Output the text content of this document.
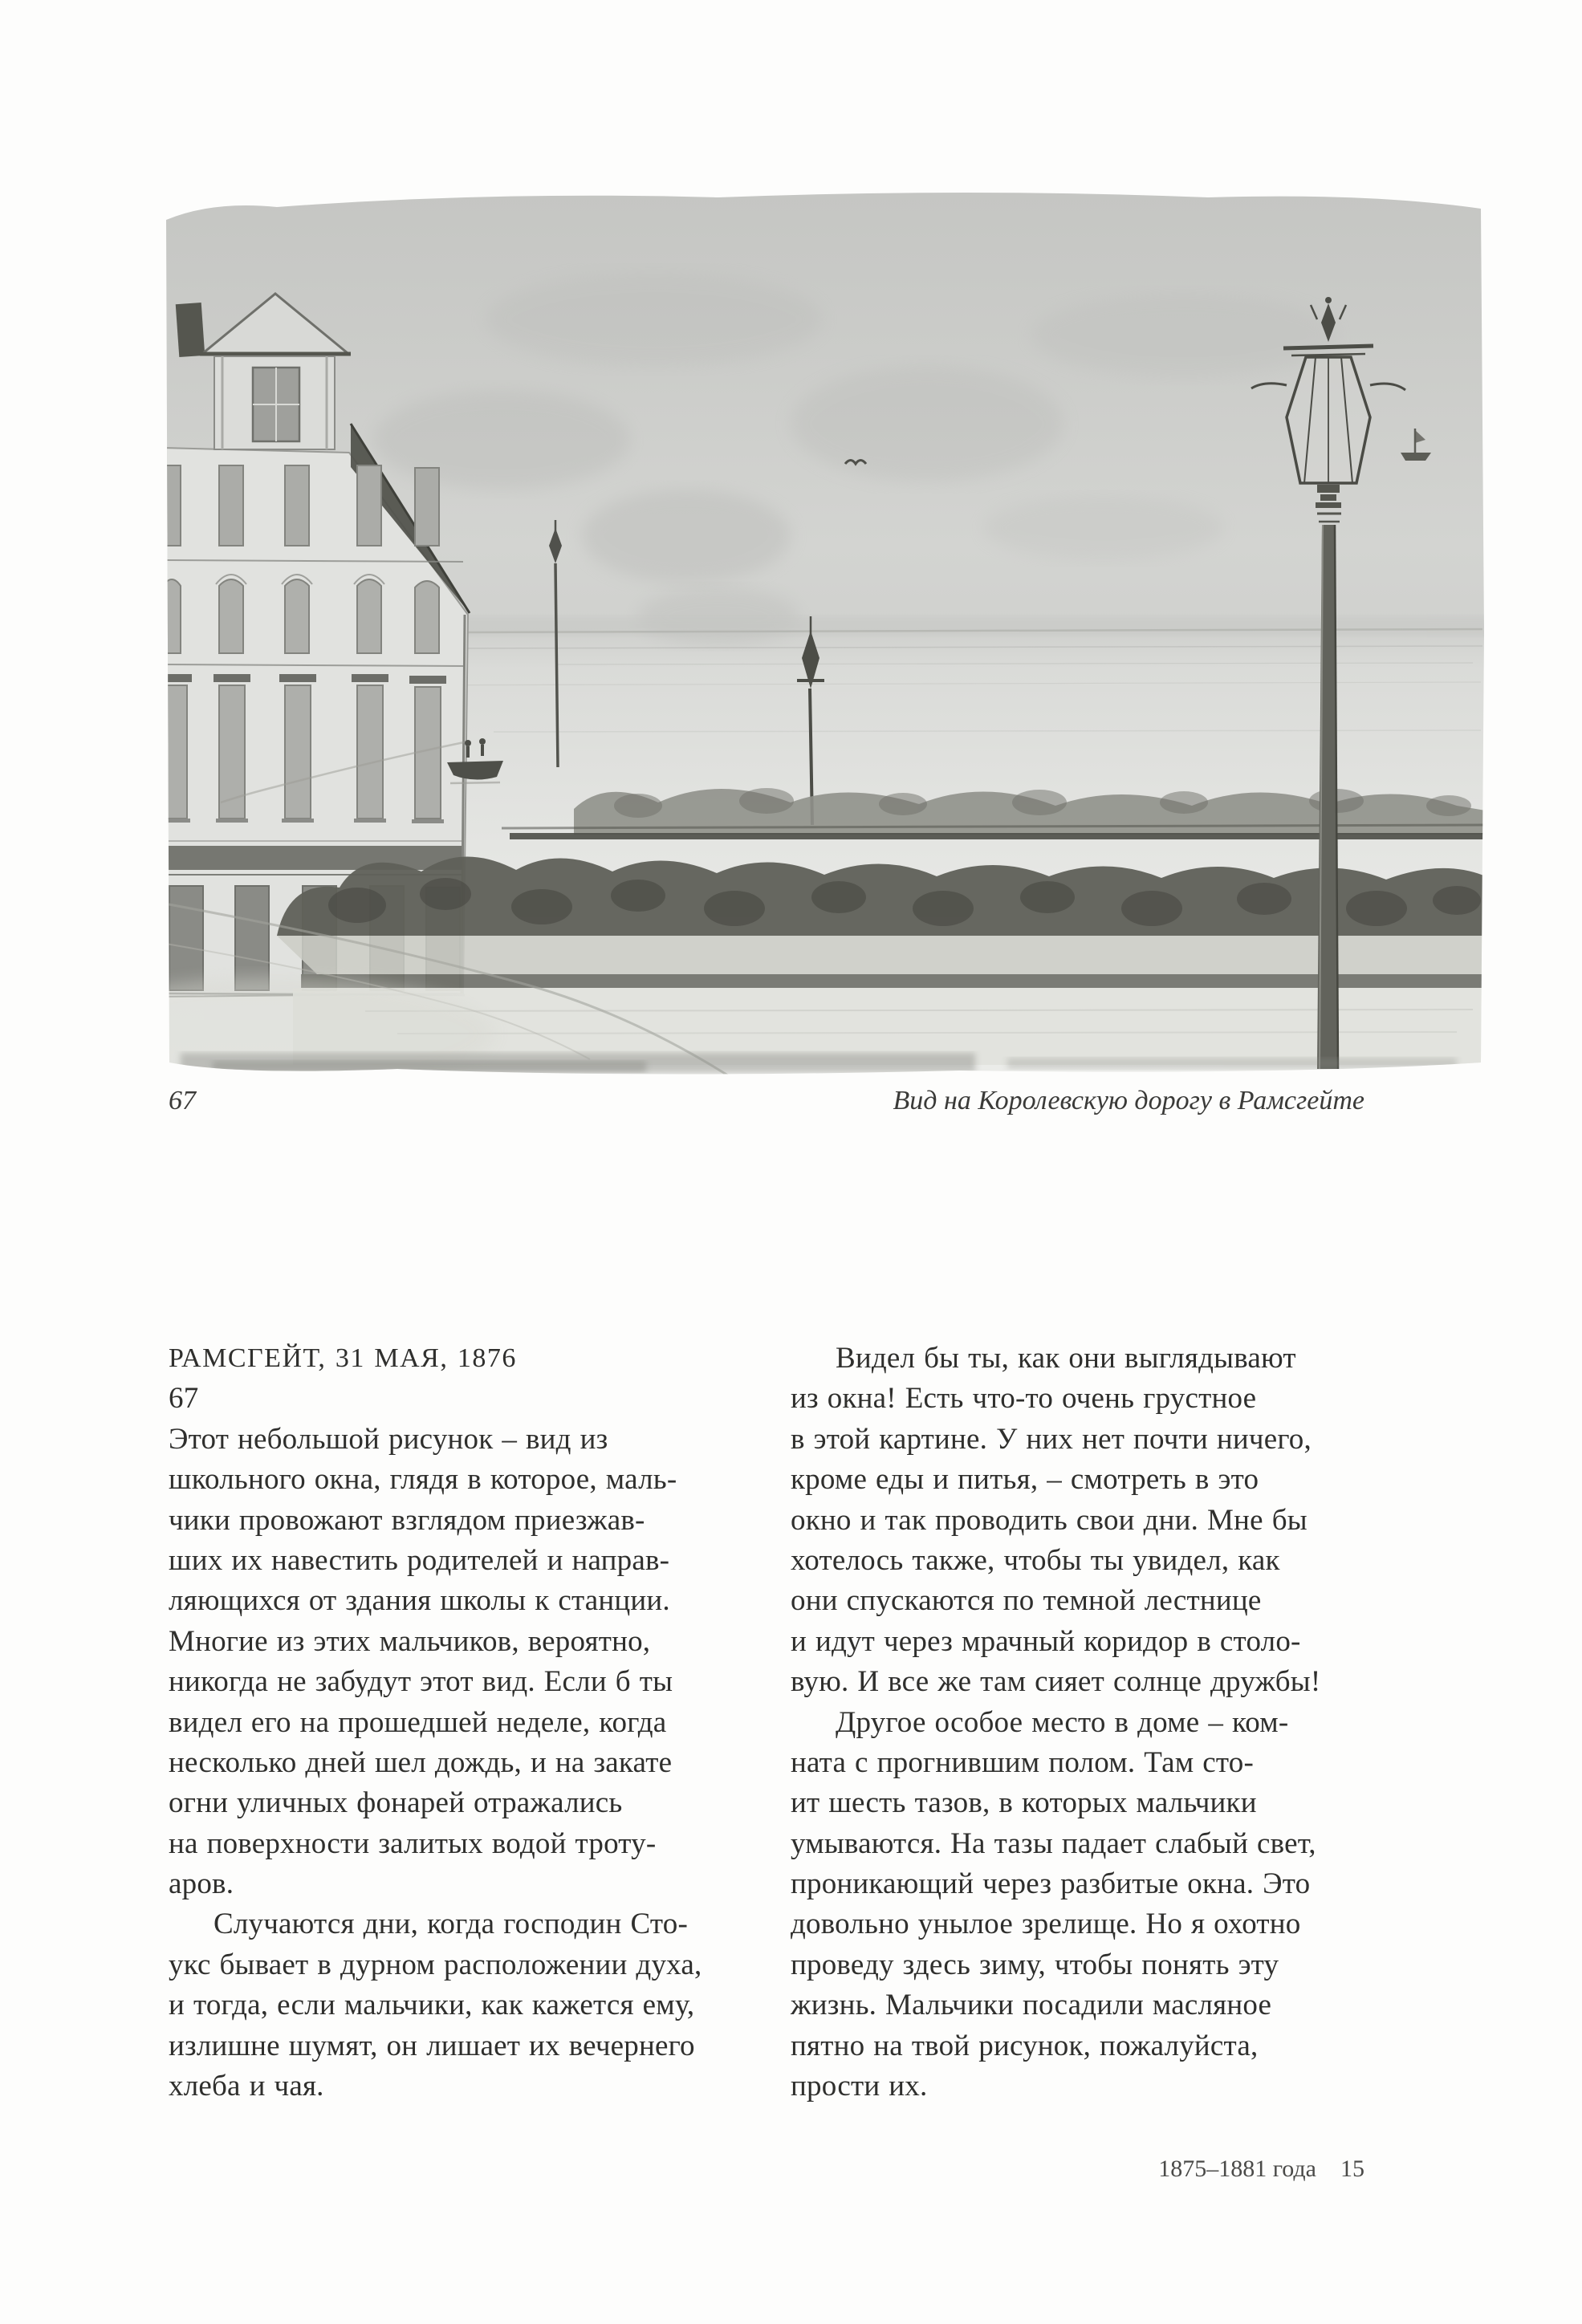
67	Вид на Королевскую дорогу в Рамсгейте
РАМСГЕЙТ, 31 МАЯ, 1876
67
Этот небольшой рисунок – вид из
школьного окна, глядя в которое, маль-
чики провожают взглядом приезжав-
ших их навестить родителей и направ-
ляющихся от здания школы к станции.
Многие из этих мальчиков, вероятно,
никогда не забудут этот вид. Если б ты
видел его на прошедшей неделе, когда
несколько дней шел дождь, и на закате
огни уличных фонарей отражались
на поверхности залитых водой троту-
аров.
Случаются дни, когда господин Сто-
укс бывает в дурном расположении духа,
и тогда, если мальчики, как кажется ему,
излишне шумят, он лишает их вечернего
хлеба и чая.
Видел бы ты, как они выглядывают
из окна! Есть что-то очень грустное
в этой картине. У них нет почти ничего,
кроме еды и питья, – смотреть в это
окно и так проводить свои дни. Мне бы
хотелось также, чтобы ты увидел, как
они спускаются по темной лестнице
и идут через мрачный коридор в столо-
вую. И все же там сияет солнце дружбы!
Другое особое место в доме – ком-
ната с прогнившим полом. Там сто-
ит шесть тазов, в которых мальчики
умываются. На тазы падает слабый свет,
проникающий через разбитые окна. Это
довольно унылое зрелище. Но я охотно
проведу здесь зиму, чтобы понять эту
жизнь. Мальчики посадили масляное
пятно на твой рисунок, пожалуйста,
прости их.
1875–1881 года 15
